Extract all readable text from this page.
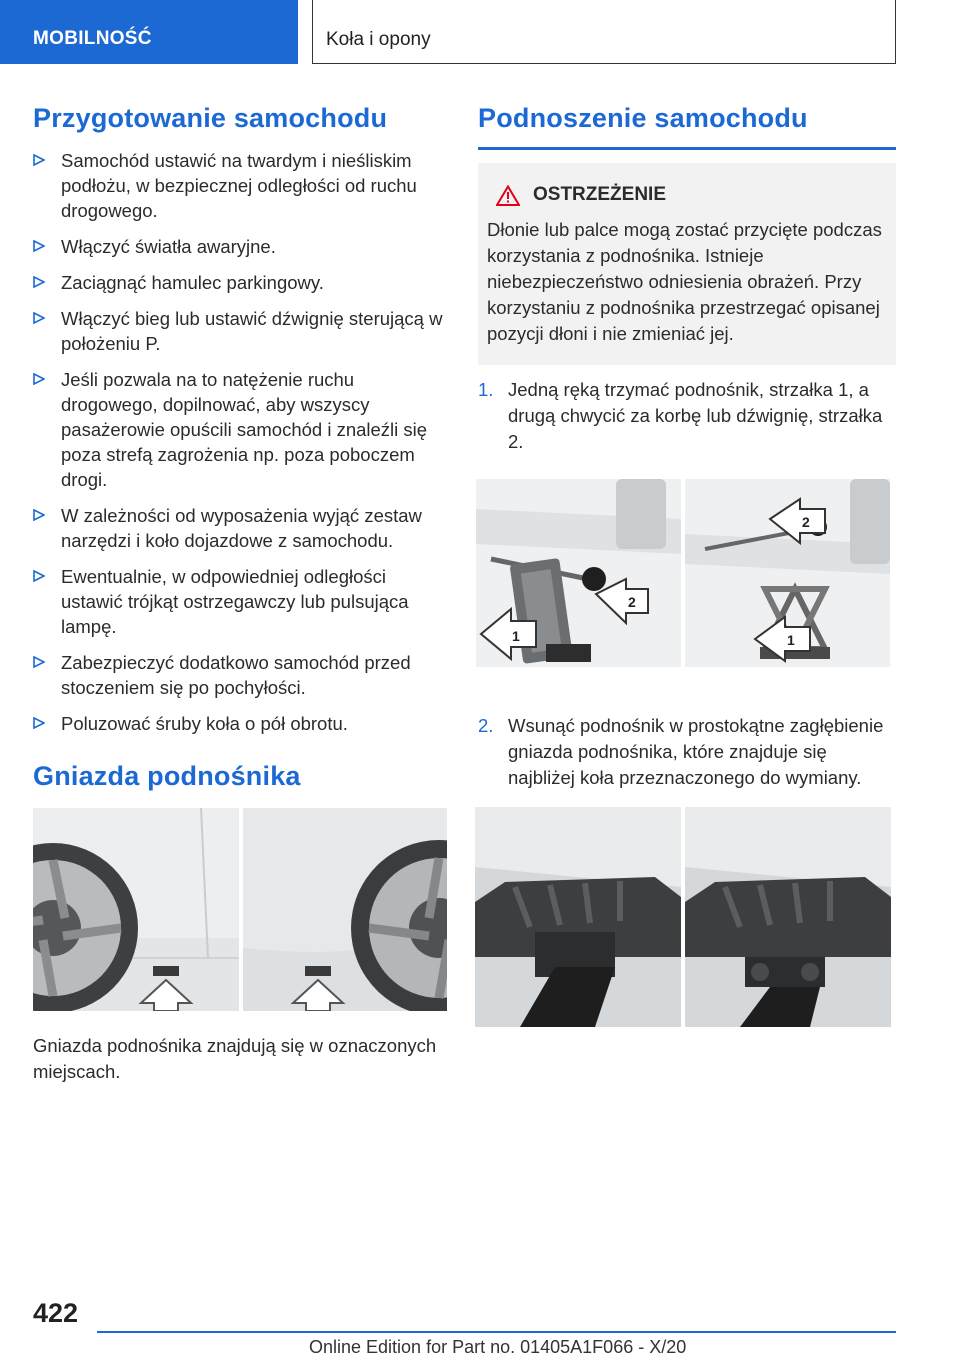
MOBILNOŚĆ	Koła i opony
Przygotowanie samochodu
Samochód ustawić na twardym i nieśliskim podłożu, w bezpiecznej odległości od ruchu drogowego.
Włączyć światła awaryjne.
Zaciągnąć hamulec parkingowy.
Włączyć bieg lub ustawić dźwignię sterującą w położeniu P.
Jeśli pozwala na to natężenie ruchu drogowego, dopilnować, aby wszyscy pasażerowie opuścili samochód i znaleźli się poza strefą zagrożenia np. poza poboczem drogi.
W zależności od wyposażenia wyjąć zestaw narzędzi i koło dojazdowe z samochodu.
Ewentualnie, w odpowiedniej odległości ustawić trójkąt ostrzegawczy lub pulsująca lampę.
Zabezpieczyć dodatkowo samochód przed stoczeniem się po pochyłości.
Poluzować śruby koła o pół obrotu.
Gniazda podnośnika

Gniazda podnośnika znajdują się w oznaczonych miejscach.

Podnoszenie samochodu
OSTRZEŻENIE

Dłonie lub palce mogą zostać przycięte podczas korzystania z podnośnika. Istnieje niebezpieczeństwo odniesienia obrażeń. Przy korzystaniu z podnośnika przestrzegać opisanej pozycji dłoni i nie zmieniać jej.

1. Jedną ręką trzymać podnośnik, strzałka 1, a drugą chwycić za korbę lub dźwignię, strzałka 2.
1
2
2
1
2. Wsunąć podnośnik w prostokątne zagłębienie gniazda podnośnika, które znajduje się najbliżej koła przeznaczonego do wymiany.
422
Online Edition for Part no. 01405A1F066 - X/20
